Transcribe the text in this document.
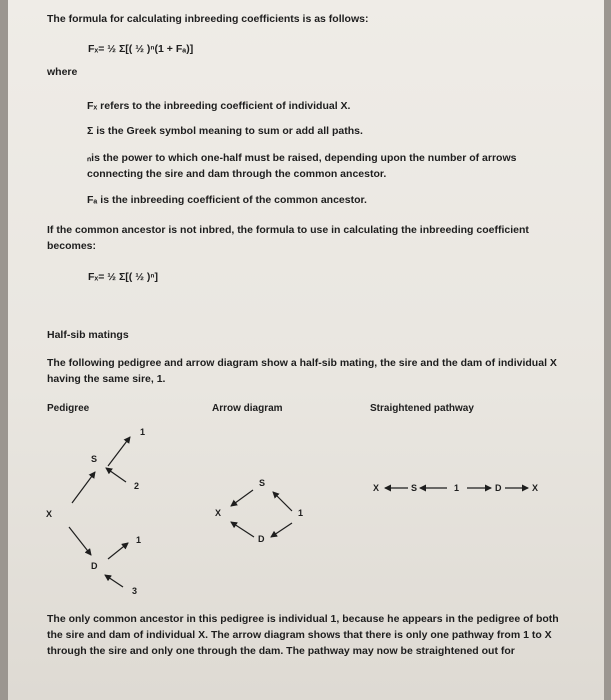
The formula for calculating inbreeding coefficients is as follows:
Fₓ= ½ Σ[( ½ )ⁿ(1 + Fₐ)]
where
Fₓ refers to the inbreeding coefficient of individual X.
Σ is the Greek symbol meaning to sum or add all paths.
ₙis the power to which one-half must be raised, depending upon the number of arrows
connecting the sire and dam through the common ancestor.
Fₐ is the inbreeding coefficient of the common ancestor.
If the common ancestor is not inbred, the formula to use in calculating the inbreeding coefficient
becomes:
Fₓ= ½ Σ[( ½ )ⁿ]
Half-sib matings
The following pedigree and arrow diagram show a half-sib mating, the sire and the dam of individual X
having the same sire, 1.
Pedigree	Arrow diagram	Straightened pathway
1
S
2
X
1
D
3
S
X	1
D
X	S	1	D	X
The only common ancestor in this pedigree is individual 1, because he appears in the pedigree of both
the sire and dam of individual X. The arrow diagram shows that there is only one pathway from 1 to X
through the sire and only one through the dam. The pathway may now be straightened out for
